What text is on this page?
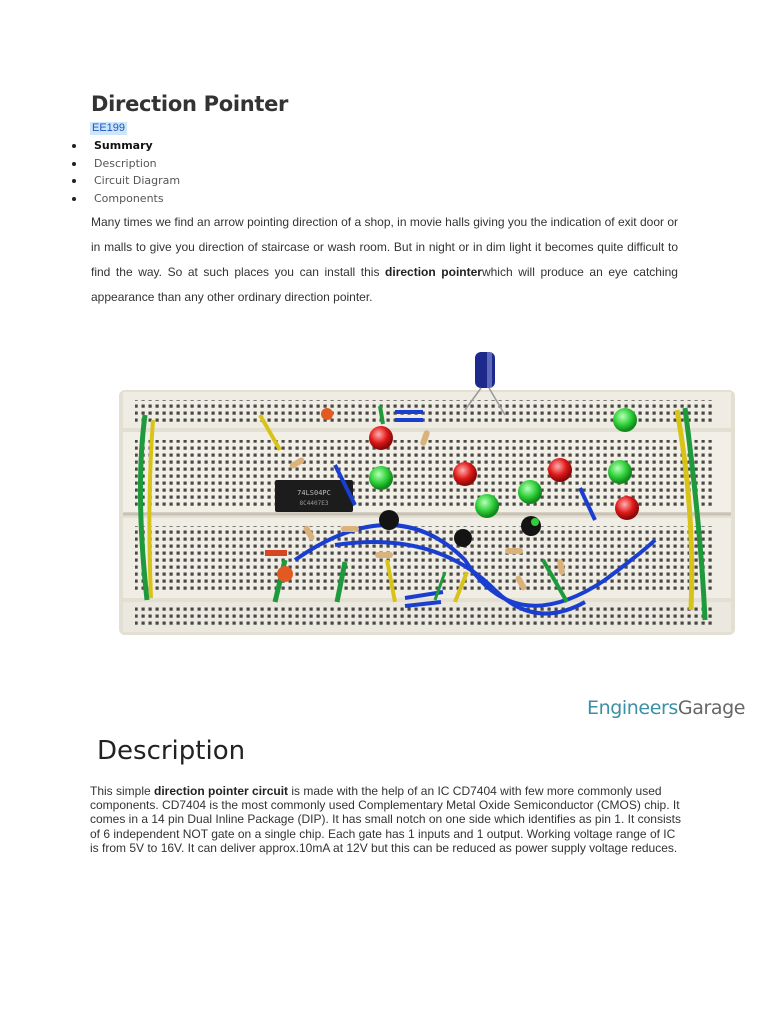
Direction Pointer
EE199
Summary
Description
Circuit Diagram
Components

Many times we find an arrow pointing direction of a shop, in movie halls giving you the indication of exit door or in malls to give you direction of staircase or wash room. But in night or in dim light it becomes quite difficult to find the way. So at such places you can install this direction pointerwhich will produce an eye catching appearance than any other ordinary direction pointer.

74LS04PC
8C4407E3
EngineersGarage
Description

This simple direction pointer circuit is made with the help of an IC CD7404 with few more commonly used components. CD7404 is the most commonly used Complementary Metal Oxide Semiconductor (CMOS) chip. It comes in a 14 pin Dual Inline Package (DIP). It has small notch on one side which identifies as pin 1. It consists of 6 independent NOT gate on a single chip. Each gate has 1 inputs and 1 output. Working voltage range of IC is from 5V to 16V. It can deliver approx.10mA at 12V but this can be reduced as power supply voltage reduces.
